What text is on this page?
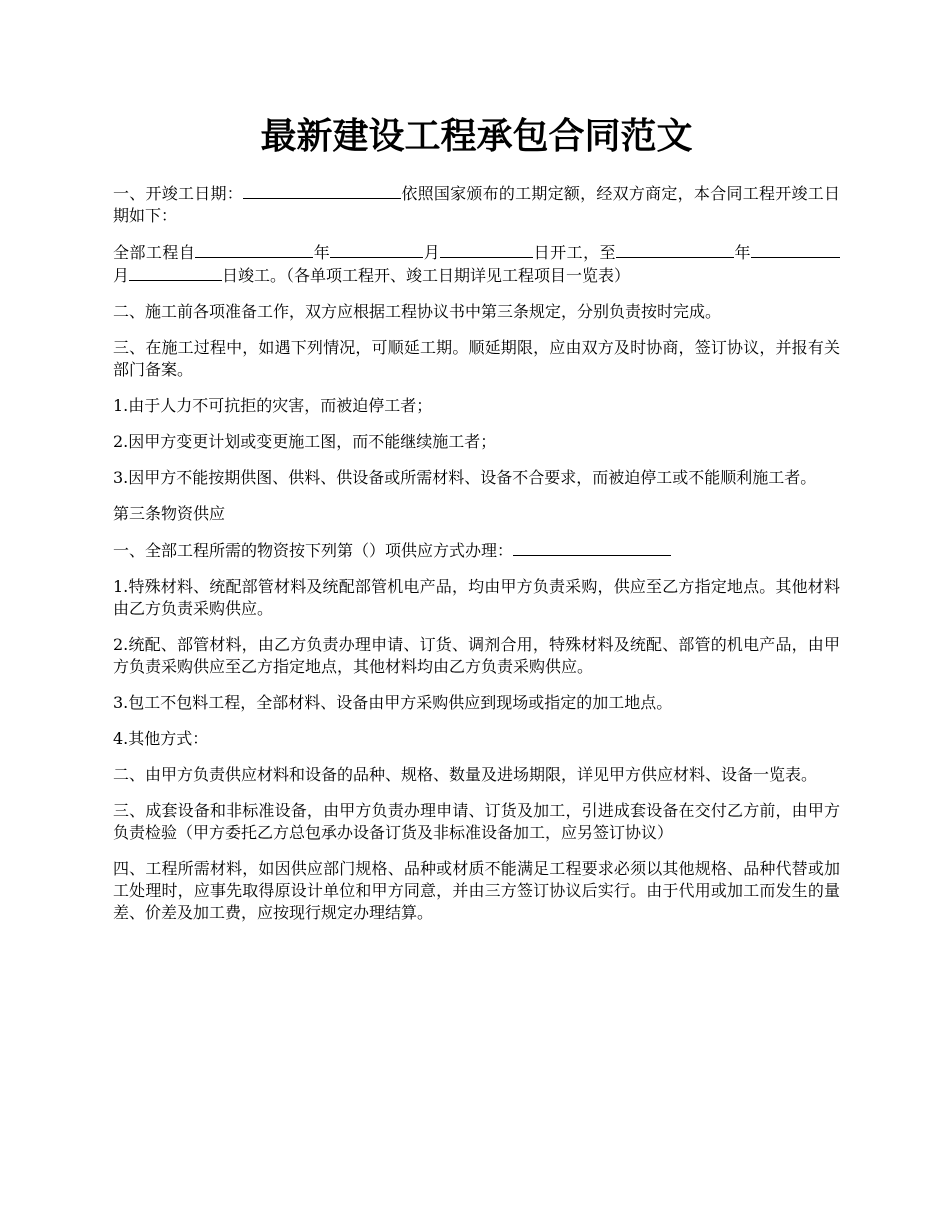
最新建设工程承包合同范文

一、开竣工日期：	依照国家颁布的工期定额，经双方商定，本合同工程开竣工日期如下：

全部工程自	年	月	日开工，至	年月	日竣工。（各单项工程开、竣工日期详见工程项目一览表）

二、施工前各项准备工作，双方应根据工程协议书中第三条规定，分别负责按时完成。

三、在施工过程中，如遇下列情况，可顺延工期。顺延期限，应由双方及时协商，签订协议，并报有关部门备案。

1.由于人力不可抗拒的灾害，而被迫停工者；

2.因甲方变更计划或变更施工图，而不能继续施工者；

3.因甲方不能按期供图、供料、供设备或所需材料、设备不合要求，而被迫停工或不能顺利施工者。

第三条物资供应

一、全部工程所需的物资按下列第（）项供应方式办理：

1.特殊材料、统配部管材料及统配部管机电产品，均由甲方负责采购，供应至乙方指定地点。其他材料由乙方负责采购供应。

2.统配、部管材料，由乙方负责办理申请、订货、调剂合用，特殊材料及统配、部管的机电产品，由甲方负责采购供应至乙方指定地点，其他材料均由乙方负责采购供应。

3.包工不包料工程，全部材料、设备由甲方采购供应到现场或指定的加工地点。

4.其他方式：

二、由甲方负责供应材料和设备的品种、规格、数量及进场期限，详见甲方供应材料、设备一览表。

三、成套设备和非标准设备，由甲方负责办理申请、订货及加工，引进成套设备在交付乙方前，由甲方负责检验（甲方委托乙方总包承办设备订货及非标准设备加工，应另签订协议）

四、工程所需材料，如因供应部门规格、品种或材质不能满足工程要求必须以其他规格、品种代替或加工处理时，应事先取得原设计单位和甲方同意，并由三方签订协议后实行。由于代用或加工而发生的量差、价差及加工费，应按现行规定办理结算。
